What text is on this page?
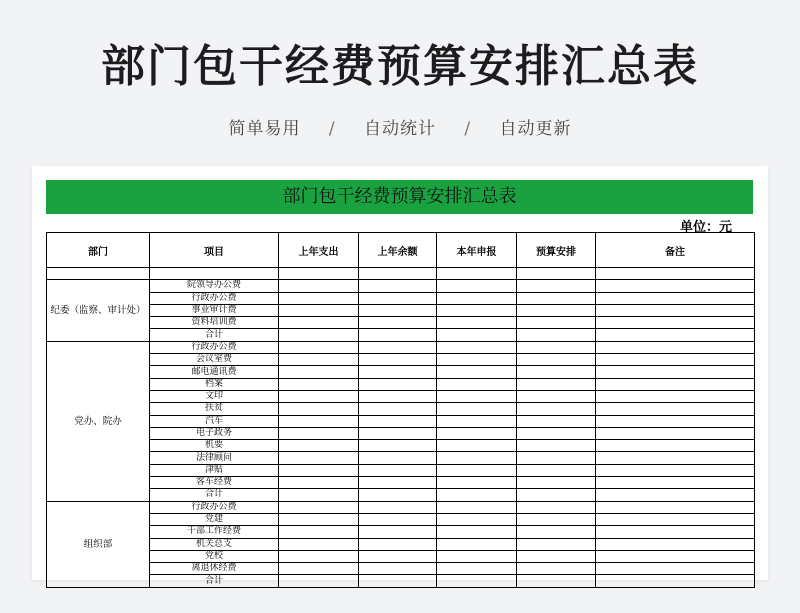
部门包干经费预算安排汇总表
简单易用 / 自动统计 / 自动更新
部门包干经费预算安排汇总表
单位：元
部门	项目	上年支出	上年余额	本年申报	预算安排	备注

纪委（监察、审计处）	院领导办公费					
	行政办公费					
	事业审计费					
	资料培训费					
	合计					
党办、院办	行政办公费					
	会议室费					
	邮电通讯费					
	档案					
	文印					
	扶贫					
	汽车					
	电子政务					
	机要					
	法律顾问					
	津贴					
	客车经费					
	合计					
组织部	行政办公费					
	党建					
	干部工作经费					
	机关总支					
	党校					
	离退休经费					
	合计					
